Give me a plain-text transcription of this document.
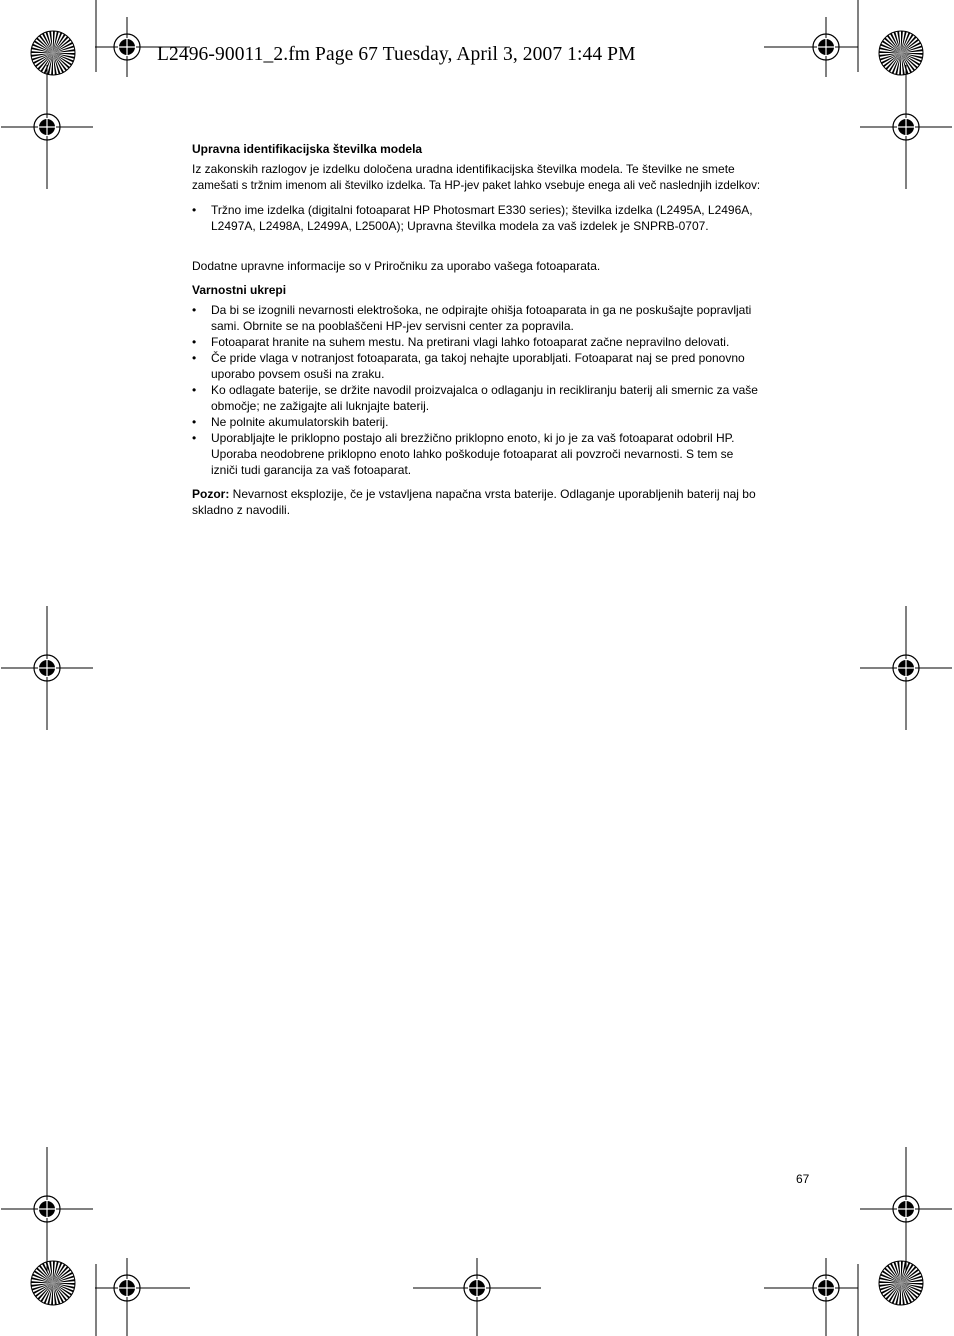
L2496-90011_2.fm Page 67 Tuesday, April 3, 2007 1:44 PM
Upravna identifikacijska številka modela

Iz zakonskih razlogov je izdelku določena uradna identifikacijska številka modela. Te številke ne smete
zamešati s tržnim imenom ali številko izdelka. Ta HP-jev paket lahko vsebuje enega ali več naslednjih izdelkov:

• Tržno ime izdelka (digitalni fotoaparat HP Photosmart E330 series); številka izdelka (L2495A, L2496A,
L2497A, L2498A, L2499A, L2500A); Upravna številka modela za vaš izdelek je SNPRB-0707.

Dodatne upravne informacije so v Priročniku za uporabo vašega fotoaparata.

Varnostni ukrepi
• Da bi se izognili nevarnosti elektrošoka, ne odpirajte ohišja fotoaparata in ga ne poskušajte popravljati
sami. Obrnite se na pooblaščeni HP-jev servisni center za popravila.
• Fotoaparat hranite na suhem mestu. Na pretirani vlagi lahko fotoaparat začne nepravilno delovati.
• Če pride vlaga v notranjost fotoaparata, ga takoj nehajte uporabljati. Fotoaparat naj se pred ponovno
uporabo povsem osuši na zraku.
• Ko odlagate baterije, se držite navodil proizvajalca o odlaganju in recikliranju baterij ali smernic za vaše
območje; ne zažigajte ali luknjajte baterij.
• Ne polnite akumulatorskih baterij.
• Uporabljajte le priklopno postajo ali brezžično priklopno enoto, ki jo je za vaš fotoaparat odobril HP.
Uporaba neodobrene priklopno enoto lahko poškoduje fotoaparat ali povzroči nevarnosti. S tem se
izniči tudi garancija za vaš fotoaparat.

Pozor: Nevarnost eksplozije, če je vstavljena napačna vrsta baterije. Odlaganje uporabljenih baterij naj bo
skladno z navodili.

67
